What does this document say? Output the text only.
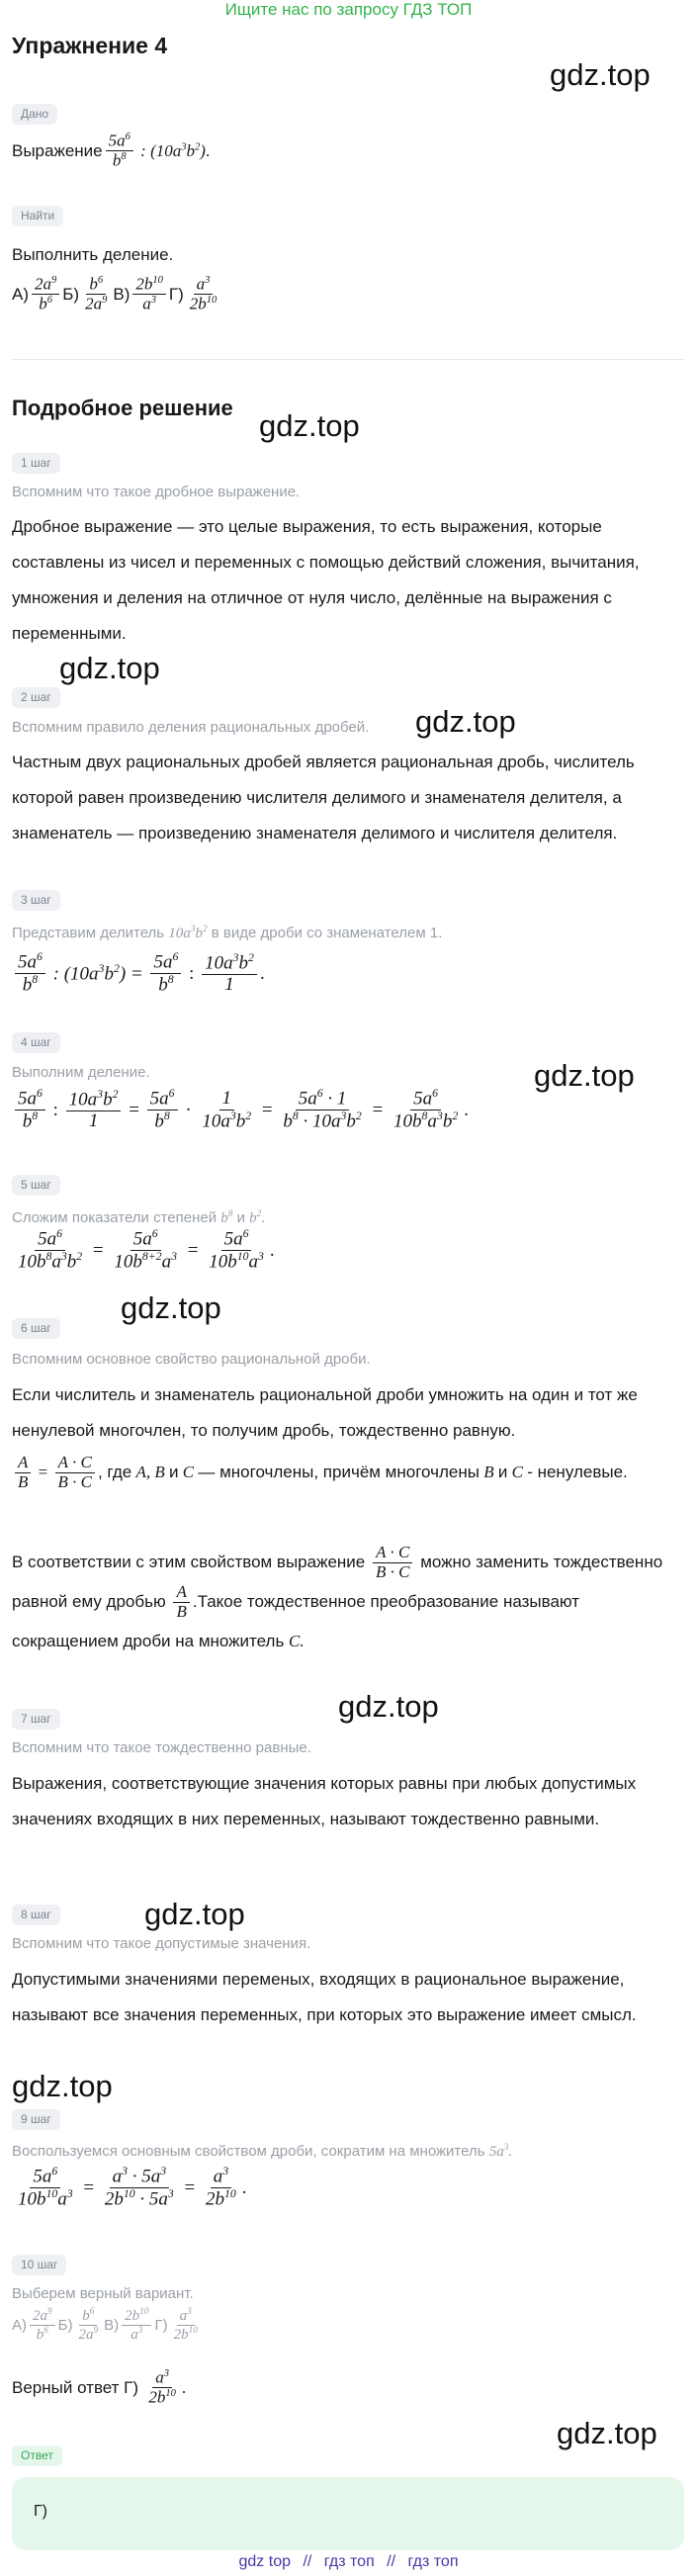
Ищите нас по запросу ГДЗ ТОП
Упражнение 4
gdz.top
gdz.top
gdz.top
gdz.top
gdz.top
gdz.top
gdz.top
gdz.top
gdz.top
gdz.top
Дано
Выражение $\frac{5a^6}{b^8}$ : $(10a^3b^2)$ .
Найти
Выполнить деление.
$А) \frac{2a^9}{b^6} Б) \frac{b^6}{2a^9} В) \frac{2b^{10}}{a^3} Г) \frac{a^3}{2b^{10}}$
Подробное решение
1 шаг
Вспомним что такое дробное выражение.
Дробное выражение — это целые выражения, то есть выражения, которые составлены из чисел и переменных с помощью действий сложения, вычитания, умножения и деления на отличное от нуля число, делённые на выражения с переменными.
2 шаг
Вспомним правило деления рациональных дробей.
Частным двух рациональных дробей является рациональная дробь, числитель которой равен произведению числителя делимого и знаменателя делителя, а знаменатель — произведению знаменателя делимого и числителя делителя.
3 шаг
Представим делитель $10a^3b^2$ в виде дроби со знаменателем 1.
$\frac{5a^6}{b^8}$ : $(10a^3b^2) = \frac{5a^6}{b^8}$ : $\frac{10a^3b^2}{1}$ .
4 шаг
Выполним деление.
$\frac{5a^6}{b^8}$ : $\frac{10a^3b^2}{1} = \frac{5a^6}{b^8} \cdot \frac{1}{10a^3b^2} = \frac{5a^6 \cdot 1}{b^8 \cdot 10a^3b^2} = \frac{5a^6}{10b^8a^3b^2}$ .
5 шаг
Сложим показатели степеней $b^8$ и $b^2$.
$\frac{5a^6}{10b^8a^3b^2} = \frac{5a^6}{10b^{8+2}a^3} = \frac{5a^6}{10b^{10}a^3}$ .
6 шаг
Вспомним основное свойство рациональной дроби.
Если числитель и знаменатель рациональной дроби умножить на один и тот же ненулевой многочлен, то получим дробь, тождественно равную.
$\frac{A}{B} = \frac{A \cdot C}{B \cdot C}$ , где A, B и C — многочлены, причём многочлены B и C - ненулевые.
В соответствии с этим свойством выражение $\frac{A \cdot C}{B \cdot C}$ можно заменить тождественно равной ему дробью $\frac{A}{B}$ .Такое тождественное преобразование называют сокращением дроби на множитель C.
7 шаг
Вспомним что такое тождественно равные.
Выражения, соответствующие значения которых равны при любых допустимых значениях входящих в них переменных, называют тождественно равными.
8 шаг
Вспомним что такое допустимые значения.
Допустимыми значениями переменых, входящих в рациональное выражение, называют все значения переменных, при которых это выражение имеет смысл.
9 шаг
Воспользуемся основным свойством дроби, сократим на множитель $5a^3$.
$\frac{5a^6}{10b^{10}a^3} = \frac{a^3 \cdot 5a^3}{2b^{10} \cdot 5a^3} = \frac{a^3}{2b^{10}}$ .
10 шаг
Выберем верный вариант.
$А) \frac{2a^9}{b^6} Б) \frac{b^6}{2a^9} В) \frac{2b^{10}}{a^3} Г) \frac{a^3}{2b^{10}}$
Верный ответ Г)
$\frac{a^3}{2b^{10}}$ .
Ответ
Г)
gdz top // гдз топ // гдз топ
